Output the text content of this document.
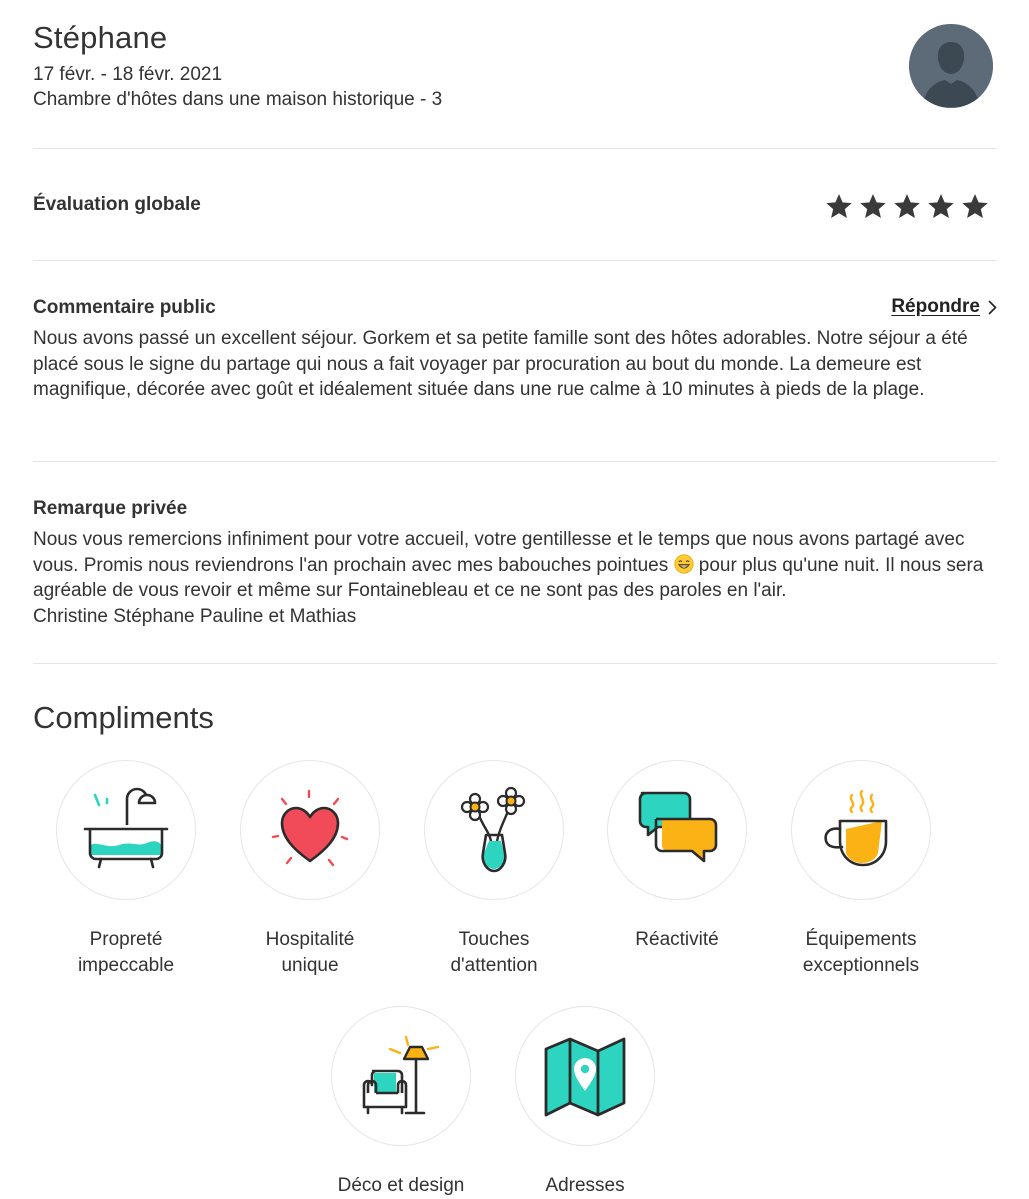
Stéphane
17 févr. - 18 févr. 2021
Chambre d'hôtes dans une maison historique - 3
Évaluation globale
Commentaire public	Répondre

Nous avons passé un excellent séjour. Gorkem et sa petite famille sont des hôtes adorables. Notre séjour a été placé sous le signe du partage qui nous a fait voyager par procuration au bout du monde. La demeure est magnifique, décorée avec goût et idéalement située dans une rue calme à 10 minutes à pieds de la plage.

Remarque privée

Nous vous remercions infiniment pour votre accueil, votre gentillesse et le temps que nous avons partagé avec vous. Promis nous reviendrons l'an prochain avec mes babouches pointues  pour plus qu'une nuit. Il nous sera agréable de vous revoir et même sur Fontainebleau et ce ne sont pas des paroles en l'air.
Christine Stéphane Pauline et Mathias

Compliments
Propreté
impeccable
Hospitalité
unique
Touches
d'attention
Réactivité	Équipements
exceptionnels
Déco et design	Adresses
